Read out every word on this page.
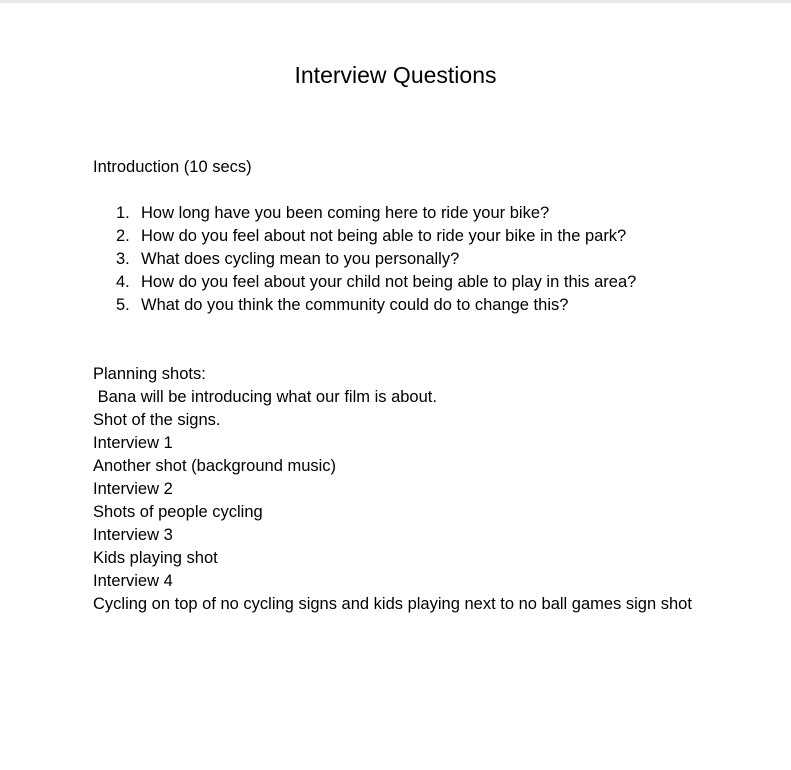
Interview Questions

Introduction (10 secs)

1. How long have you been coming here to ride your bike?
2. How do you feel about not being able to ride your bike in the park?
3. What does cycling mean to you personally?
4. How do you feel about your child not being able to play in this area?
5. What do you think the community could do to change this?
Planning shots:
Bana will be introducing what our film is about.
Shot of the signs.
Interview 1
Another shot (background music)
Interview 2
Shots of people cycling
Interview 3
Kids playing shot
Interview 4
Cycling on top of no cycling signs and kids playing next to no ball games sign shot
